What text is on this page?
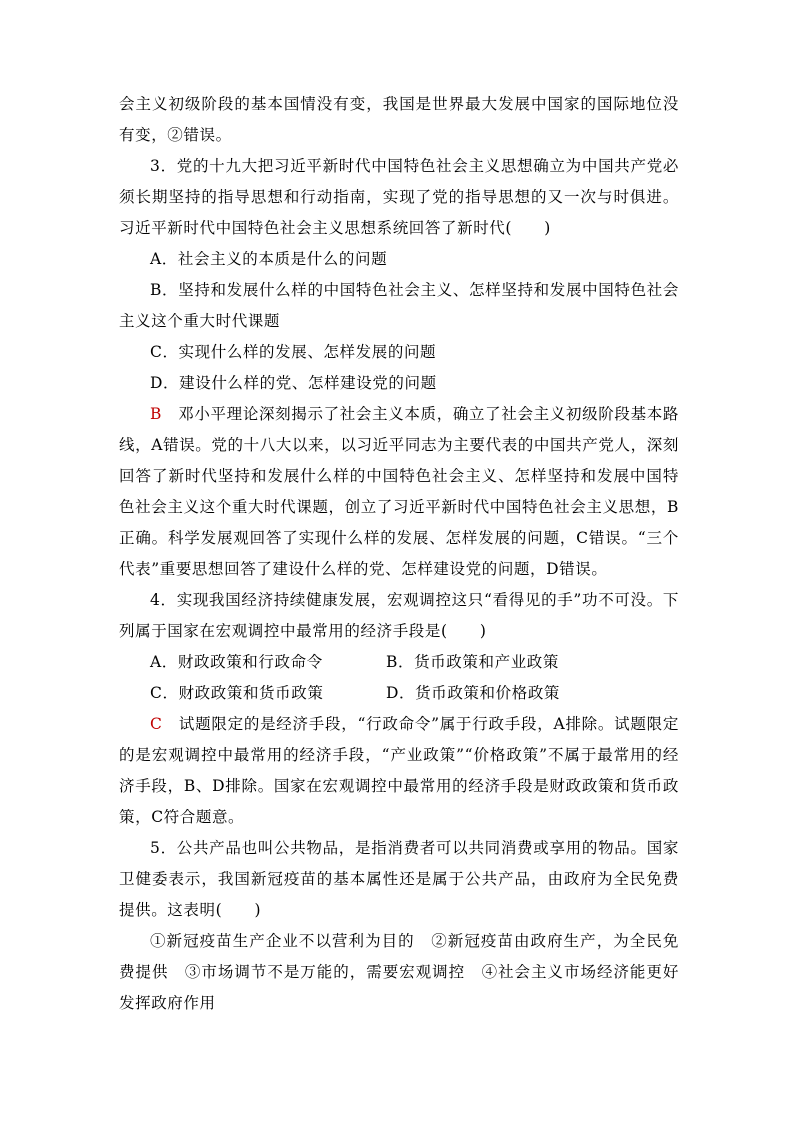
会主义初级阶段的基本国情没有变，我国是世界最大发展中国家的国际地位没有变，②错误。

3．党的十九大把习近平新时代中国特色社会主义思想确立为中国共产党必须长期坚持的指导思想和行动指南，实现了党的指导思想的又一次与时俱进。习近平新时代中国特色社会主义思想系统回答了新时代(　　)

A．社会主义的本质是什么的问题

B．坚持和发展什么样的中国特色社会主义、怎样坚持和发展中国特色社会主义这个重大时代课题

C．实现什么样的发展、怎样发展的问题

D．建设什么样的党、怎样建设党的问题

B　 邓小平理论深刻揭示了社会主义本质，确立了社会主义初级阶段基本路线，A错误。党的十八大以来，以习近平同志为主要代表的中国共产党人，深刻回答了新时代坚持和发展什么样的中国特色社会主义、怎样坚持和发展中国特色社会主义这个重大时代课题，创立了习近平新时代中国特色社会主义思想，B正确。科学发展观回答了实现什么样的发展、怎样发展的问题，C错误。“三个代表”重要思想回答了建设什么样的党、怎样建设党的问题，D错误。

4．实现我国经济持续健康发展，宏观调控这只“看得见的手”功不可没。下列属于国家在宏观调控中最常用的经济手段是(　　)

A．财政政策和行政命令	B．货币政策和产业政策
C．财政政策和货币政策	D．货币政策和价格政策

C　 试题限定的是经济手段，“行政命令”属于行政手段，A排除。试题限定的是宏观调控中最常用的经济手段，“产业政策”“价格政策”不属于最常用的经济手段，B、D排除。国家在宏观调控中最常用的经济手段是财政政策和货币政策，C符合题意。

5．公共产品也叫公共物品，是指消费者可以共同消费或享用的物品。国家卫健委表示，我国新冠疫苗的基本属性还是属于公共产品，由政府为全民免费提供。这表明(　　)

①新冠疫苗生产企业不以营利为目的　②新冠疫苗由政府生产，为全民免费提供　③市场调节不是万能的，需要宏观调控　④社会主义市场经济能更好发挥政府作用
